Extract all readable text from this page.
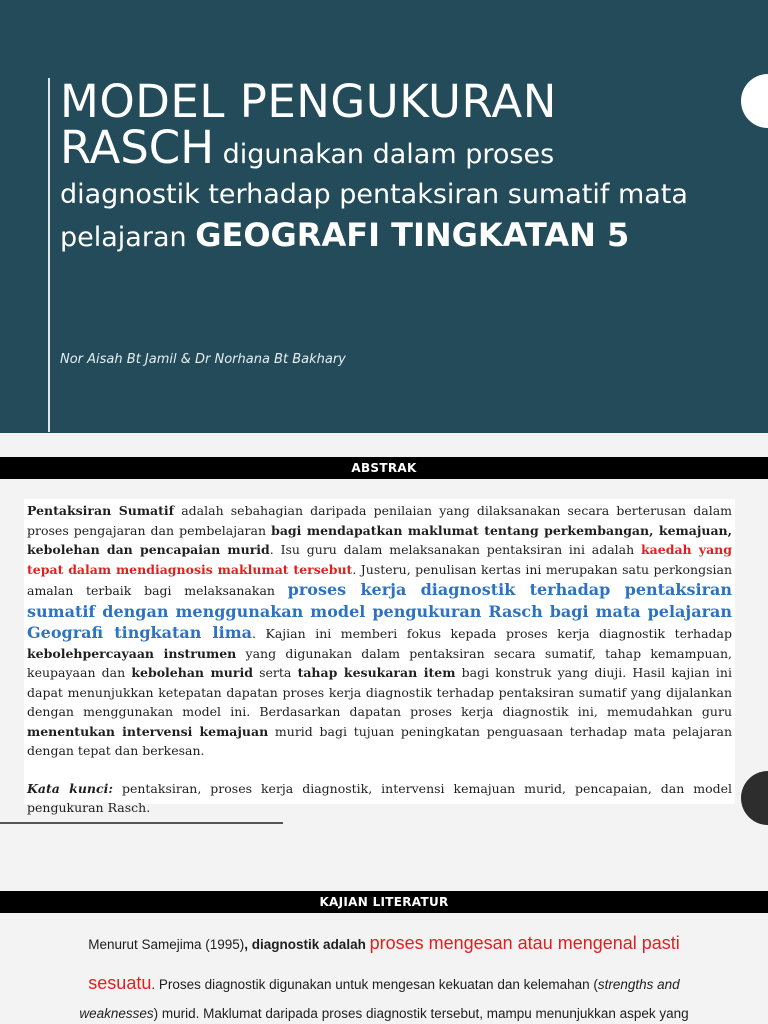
MODEL PENGUKURAN
RASCH digunakan dalam proses
diagnostik terhadap pentaksiran sumatif mata
pelajaran GEOGRAFI TINGKATAN 5
Nor Aisah Bt Jamil & Dr Norhana Bt Bakhary
ABSTRAK

Pentaksiran Sumatif adalah sebahagian daripada penilaian yang dilaksanakan secara berterusan dalam proses pengajaran dan pembelajaran bagi mendapatkan maklumat tentang perkembangan, kemajuan, kebolehan dan pencapaian murid. Isu guru dalam melaksanakan pentaksiran ini adalah kaedah yang tepat dalam mendiagnosis maklumat tersebut. Justeru, penulisan kertas ini merupakan satu perkongsian amalan terbaik bagi melaksanakan proses kerja diagnostik terhadap pentaksiran sumatif dengan menggunakan model pengukuran Rasch bagi mata pelajaran Geografi tingkatan lima. Kajian ini memberi fokus kepada proses kerja diagnostik terhadap kebolehpercayaan instrumen yang digunakan dalam pentaksiran secara sumatif, tahap kemampuan, keupayaan dan kebolehan murid serta tahap kesukaran item bagi konstruk yang diuji. Hasil kajian ini dapat menunjukkan ketepatan dapatan proses kerja diagnostik terhadap pentaksiran sumatif yang dijalankan dengan menggunakan model ini. Berdasarkan dapatan proses kerja diagnostik ini, memudahkan guru menentukan intervensi kemajuan murid bagi tujuan peningkatan penguasaan terhadap mata pelajaran dengan tepat dan berkesan.

Kata kunci: pentaksiran, proses kerja diagnostik, intervensi kemajuan murid, pencapaian, dan model pengukuran Rasch.

KAJIAN LITERATUR

Menurut Samejima (1995), diagnostik adalah proses mengesan atau mengenal pasti

sesuatu. Proses diagnostik digunakan untuk mengesan kekuatan dan kelemahan (strengths and

weaknesses) murid. Maklumat daripada proses diagnostik tersebut, mampu menunjukkan aspek yang
